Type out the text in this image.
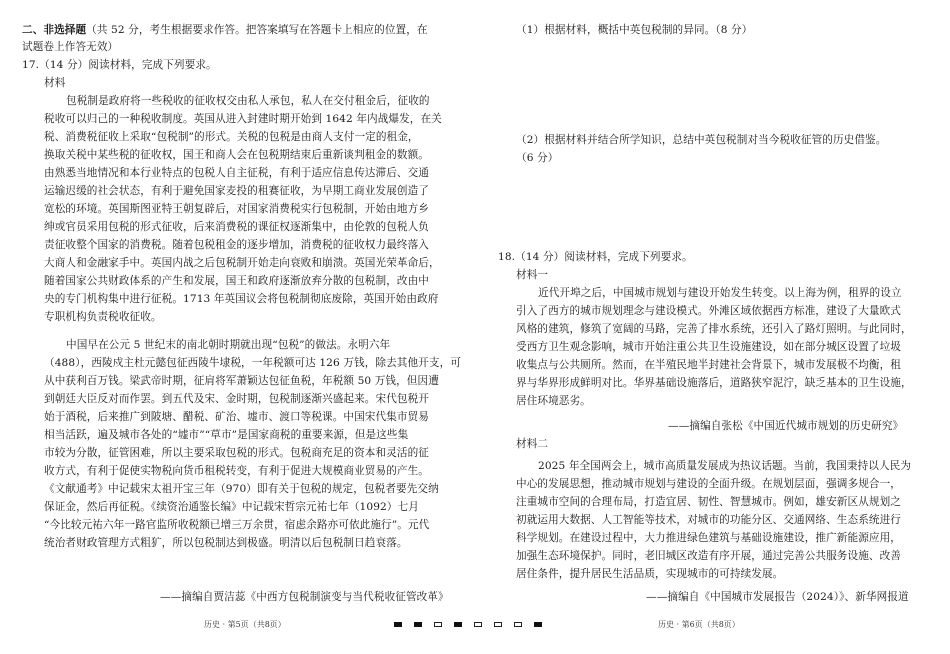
二、非选择题（共 52 分，考生根据要求作答。把答案填写在答题卡上相应的位置，在
试题卷上作答无效）
17.（14 分）阅读材料，完成下列要求。
材料
包税制是政府将一些税收的征收权交由私人承包，私人在交付租金后，征收的
税收可以归己的一种税收制度。英国从进入封建时期开始到 1642 年内战爆发，在关
税、消费税征收上采取“包税制”的形式。关税的包税是由商人支付一定的租金，
换取关税中某些税的征收权，国王和商人会在包税期结束后重新谈判租金的数额。
由熟悉当地情况和本行业特点的包税人自主征税，有利于适应信息传达滞后、交通
运输迟缓的社会状态，有利于避免国家麦投的租赛征收，为早期工商业发展创造了
宽松的环境。英国斯图亚特王朝复辟后，对国家消费税实行包税制，开始由地方乡
绅或官员采用包税的形式征收，后来消费税的课征权逐渐集中，由伦敦的包税人负
责征收整个国家的消费税。随着包税租金的逐步增加，消费税的征收权力最终落入
大商人和金融家手中。英国内战之后包税制开始走向衰败和崩溃。英国光荣革命后，
随着国家公共财政体系的产生和发展，国王和政府逐渐放弃分散的包税制，改由中
央的专门机构集中进行征税。1713 年英国议会将包税制彻底废除，英国开始由政府
专职机构负责税收征收。
中国早在公元 5 世纪末的南北朝时期就出现“包税”的做法。永明六年
（488），西陵戍主杜元懿包征西陵牛埭税，一年税额可达 126 万钱，除去其他开支，可
从中获利百万钱。梁武帝时期，征肩将军萧颖达包征鱼税，年税额 50 万钱，但因遭
到朝廷大臣反对而作罢。到五代及宋、金时期，包税制逐渐兴盛起来。宋代包税开
始于酒税，后来推广到陂塘、醋税、矿治、墟市、渡口等税课。中国宋代集市贸易
相当活跃，遍及城市各处的“墟市”“草市”是国家商税的重要来源，但是这些集
市较为分散，征管困难，所以主要采取包税的形式。包税商充足的资本和灵活的征
收方式，有利于促使实物税向货币租税转变，有利于促进大规模商业贸易的产生。
《文献通考》中记载宋太祖开宝三年（970）即有关于包税的规定，包税者要先交纳
保证金，然后再征税。《续资治通鉴长编》中记载宋哲宗元祐七年（1092）七月
“今比较元祐六年一路官监所收税额已增三万余贯，宿虑余路亦可依此施行”。元代
统治者财政管理方式粗犷，所以包税制达到极盛。明清以后包税制日趋衰落。
——摘编自贾洁蕊《中西方包税制演变与当代税收征管改革》
历史 · 第5页（共8页）
（1）根据材料，概括中英包税制的异同。（8 分）
（2）根据材料并结合所学知识，总结中英包税制对当今税收征管的历史借鉴。
（6 分）
18.（14 分）阅读材料，完成下列要求。
材料一
近代开埠之后，中国城市规划与建设开始发生转变。以上海为例，租界的设立
引入了西方的城市规划理念与建设模式。外滩区域依据西方标准，建设了大量欧式
风格的建筑，修筑了宽阔的马路，完善了排水系统，还引入了路灯照明。与此同时，
受西方卫生观念影响，城市开始注重公共卫生设施建设，如在部分城区设置了垃圾
收集点与公共厕所。然而，在半殖民地半封建社会背景下，城市发展极不均衡，租
界与华界形成鲜明对比。华界基础设施落后，道路狭窄泥泞，缺乏基本的卫生设施，
居住环境恶劣。
——摘编自张松《中国近代城市规划的历史研究》
材料二
2025 年全国两会上，城市高质量发展成为热议话题。当前，我国秉持以人民为
中心的发展思想，推动城市规划与建设的全面升级。在规划层面，强调多规合一，
注重城市空间的合理布局，打造宜居、韧性、智慧城市。例如，雄安新区从规划之
初就运用大数据、人工智能等技术，对城市的功能分区、交通网络、生态系统进行
科学规划。在建设过程中，大力推进绿色建筑与基础设施建设，推广新能源应用，
加强生态环境保护。同时，老旧城区改造有序开展，通过完善公共服务设施、改善
居住条件，提升居民生活品质，实现城市的可持续发展。
——摘编自《中国城市发展报告（2024）》、新华网报道
历史 · 第6页（共8页）
